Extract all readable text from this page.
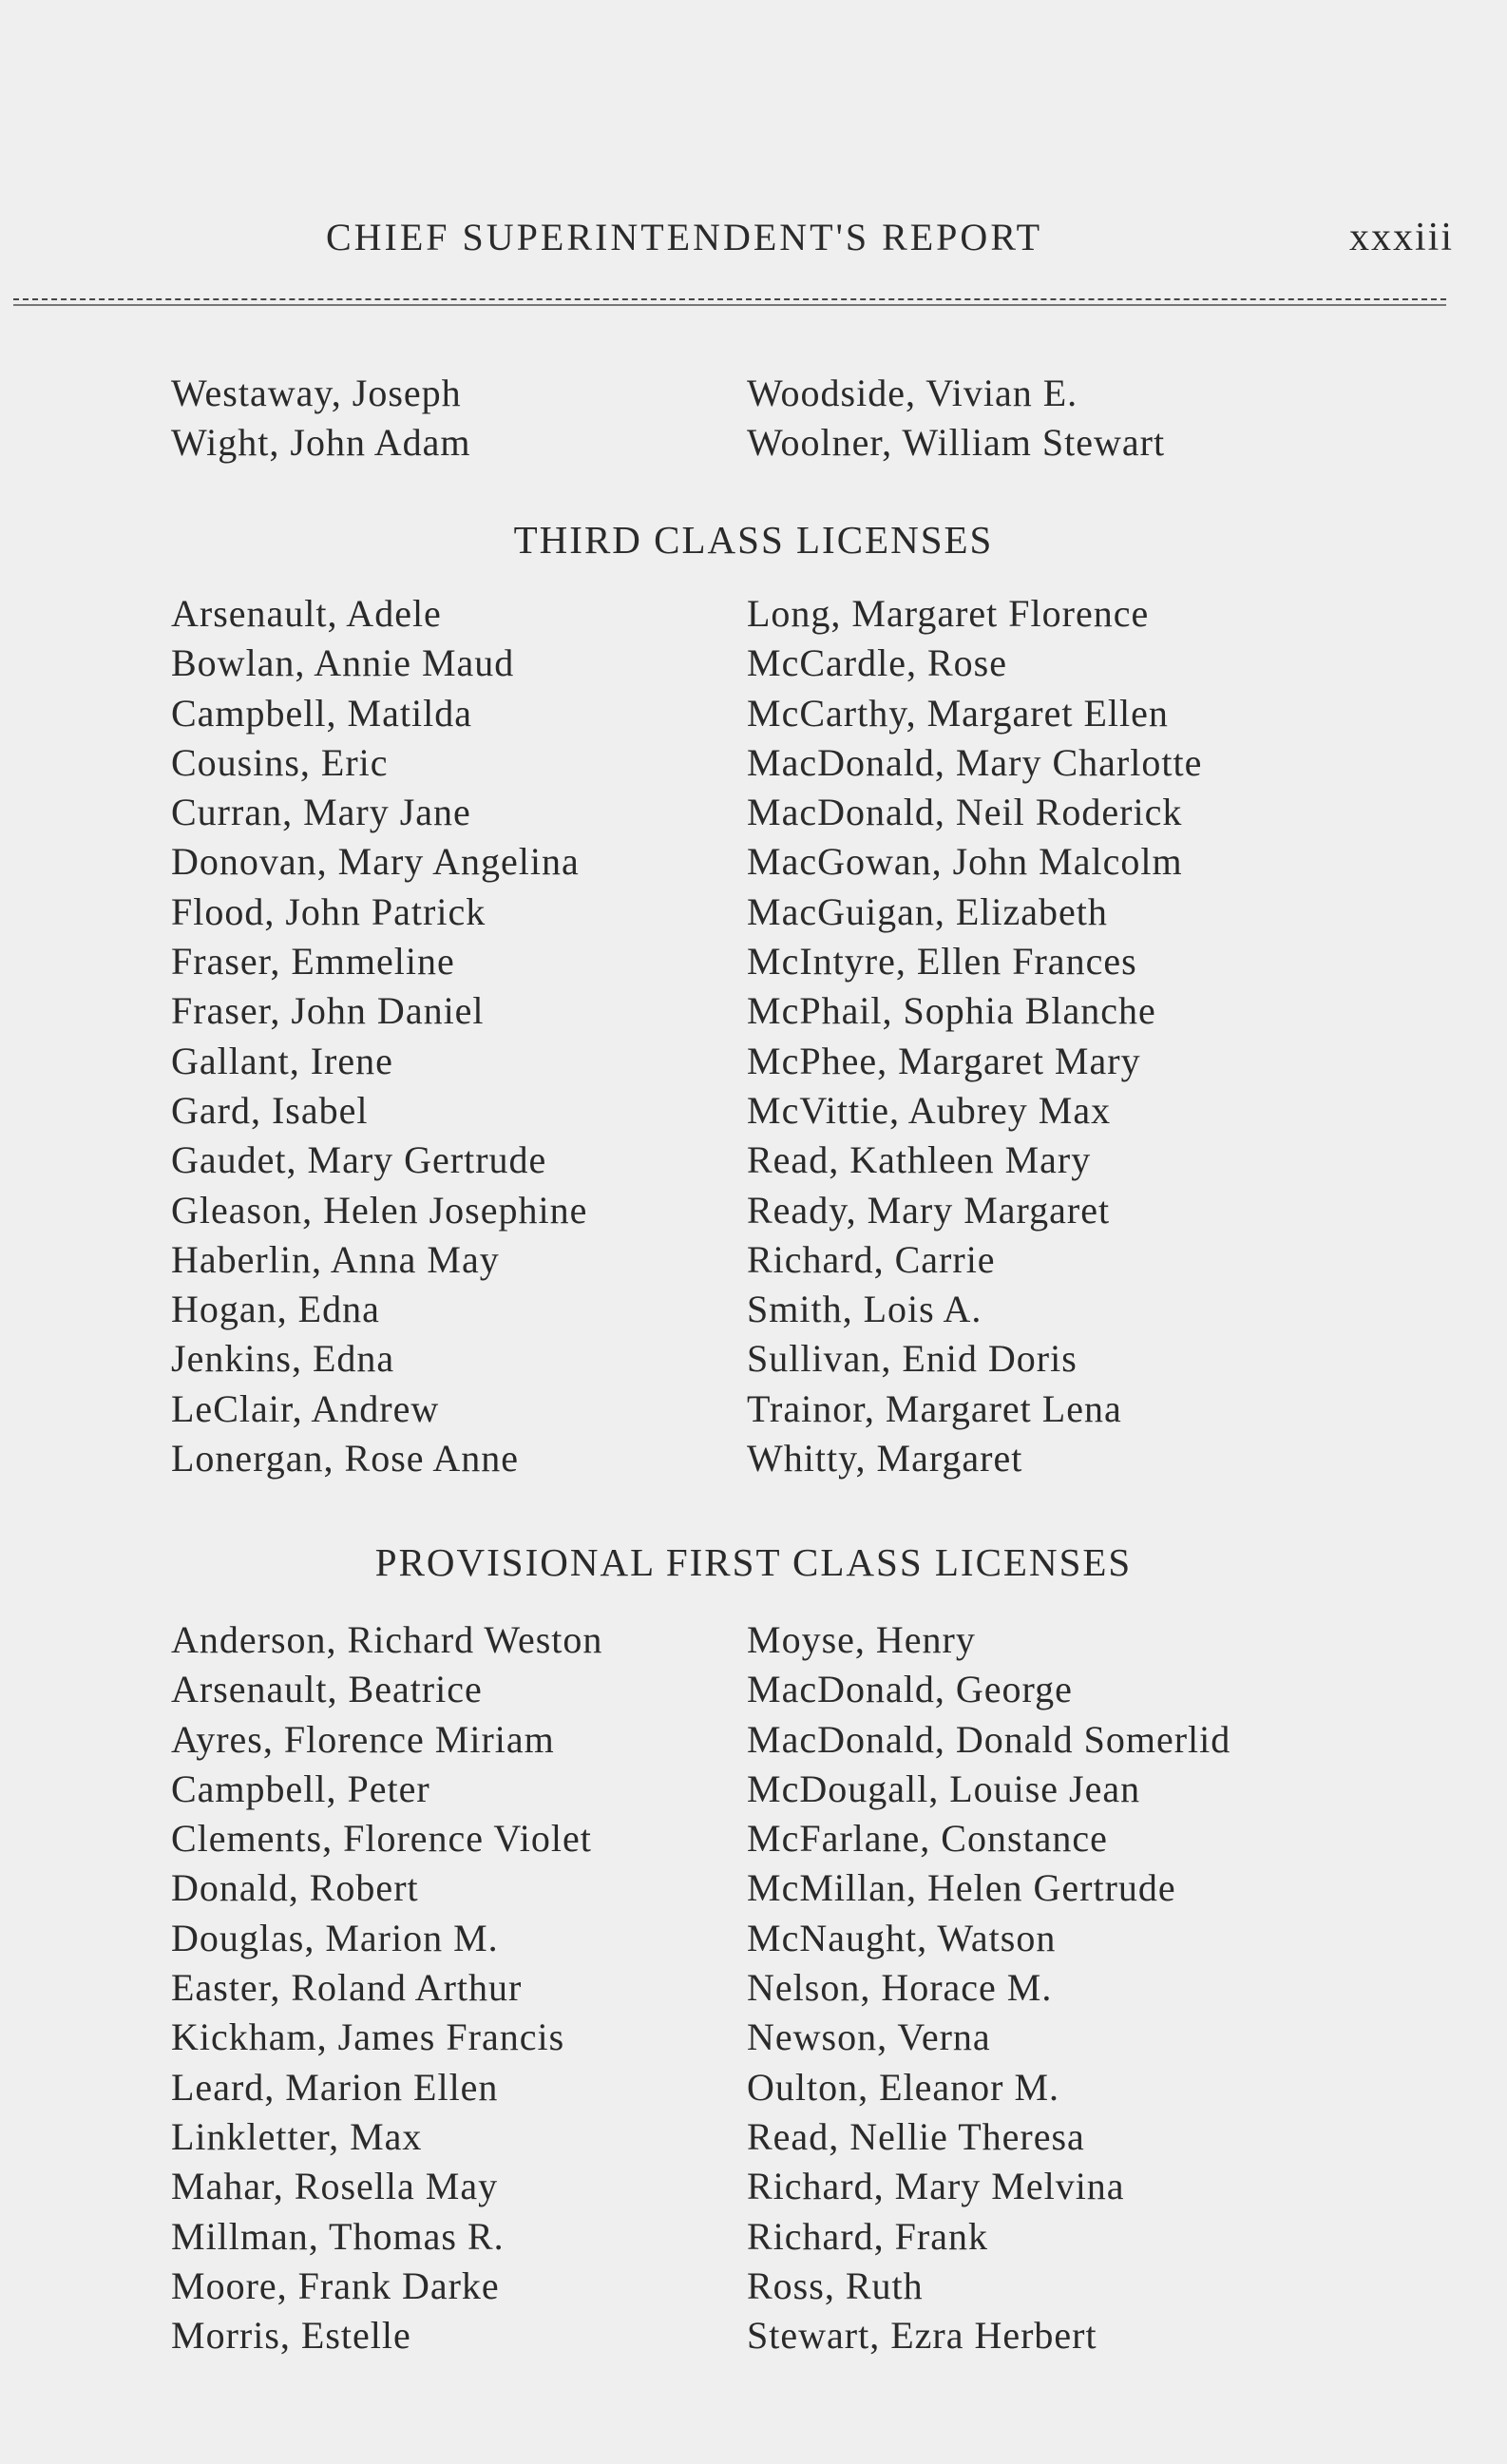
CHIEF SUPERINTENDENT'S REPORT	xxxiii
Westaway, Joseph
Wight, John Adam
Woodside, Vivian E.
Woolner, William Stewart
THIRD CLASS LICENSES
Arsenault, Adele
Bowlan, Annie Maud
Campbell, Matilda
Cousins, Eric
Curran, Mary Jane
Donovan, Mary Angelina
Flood, John Patrick
Fraser, Emmeline
Fraser, John Daniel
Gallant, Irene
Gard, Isabel
Gaudet, Mary Gertrude
Gleason, Helen Josephine
Haberlin, Anna May
Hogan, Edna
Jenkins, Edna
LeClair, Andrew
Lonergan, Rose Anne
Long, Margaret Florence
McCardle, Rose
McCarthy, Margaret Ellen
MacDonald, Mary Charlotte
MacDonald, Neil Roderick
MacGowan, John Malcolm
MacGuigan, Elizabeth
McIntyre, Ellen Frances
McPhail, Sophia Blanche
McPhee, Margaret Mary
McVittie, Aubrey Max
Read, Kathleen Mary
Ready, Mary Margaret
Richard, Carrie
Smith, Lois A.
Sullivan, Enid Doris
Trainor, Margaret Lena
Whitty, Margaret
PROVISIONAL FIRST CLASS LICENSES
Anderson, Richard Weston
Arsenault, Beatrice
Ayres, Florence Miriam
Campbell, Peter
Clements, Florence Violet
Donald, Robert
Douglas, Marion M.
Easter, Roland Arthur
Kickham, James Francis
Leard, Marion Ellen
Linkletter, Max
Mahar, Rosella May
Millman, Thomas R.
Moore, Frank Darke
Morris, Estelle
Moyse, Henry
MacDonald, George
MacDonald, Donald Somerlid
McDougall, Louise Jean
McFarlane, Constance
McMillan, Helen Gertrude
McNaught, Watson
Nelson, Horace M.
Newson, Verna
Oulton, Eleanor M.
Read, Nellie Theresa
Richard, Mary Melvina
Richard, Frank
Ross, Ruth
Stewart, Ezra Herbert
